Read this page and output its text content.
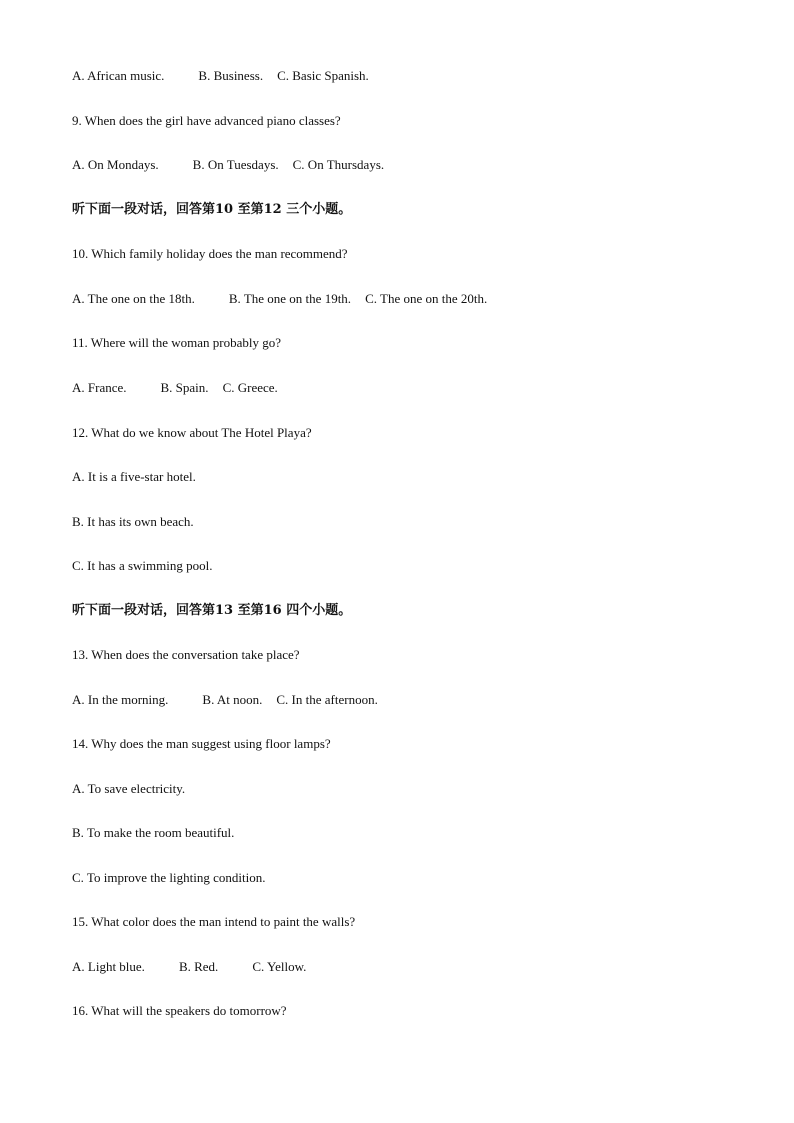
A. African music.	B. Business. C. Basic Spanish.
9. When does the girl have advanced piano classes?
A. On Mondays.	B. On Tuesdays. C. On Thursdays.
听下面一段对话，回答第10 至第12 三个小题。
10. Which family holiday does the man recommend?
A. The one on the 18th.	B. The one on the 19th. C. The one on the 20th.
11. Where will the woman probably go?
A. France.	B. Spain. C. Greece.
12. What do we know about The Hotel Playa?
A. It is a five-star hotel.
B. It has its own beach.
C. It has a swimming pool.
听下面一段对话，回答第13 至第16 四个小题。
13. When does the conversation take place?
A. In the morning.	B. At noon. C. In the afternoon.
14. Why does the man suggest using floor lamps?
A. To save electricity.
B. To make the room beautiful.
C. To improve the lighting condition.
15. What color does the man intend to paint the walls?
A. Light blue.	B. Red.	C. Yellow.
16. What will the speakers do tomorrow?
